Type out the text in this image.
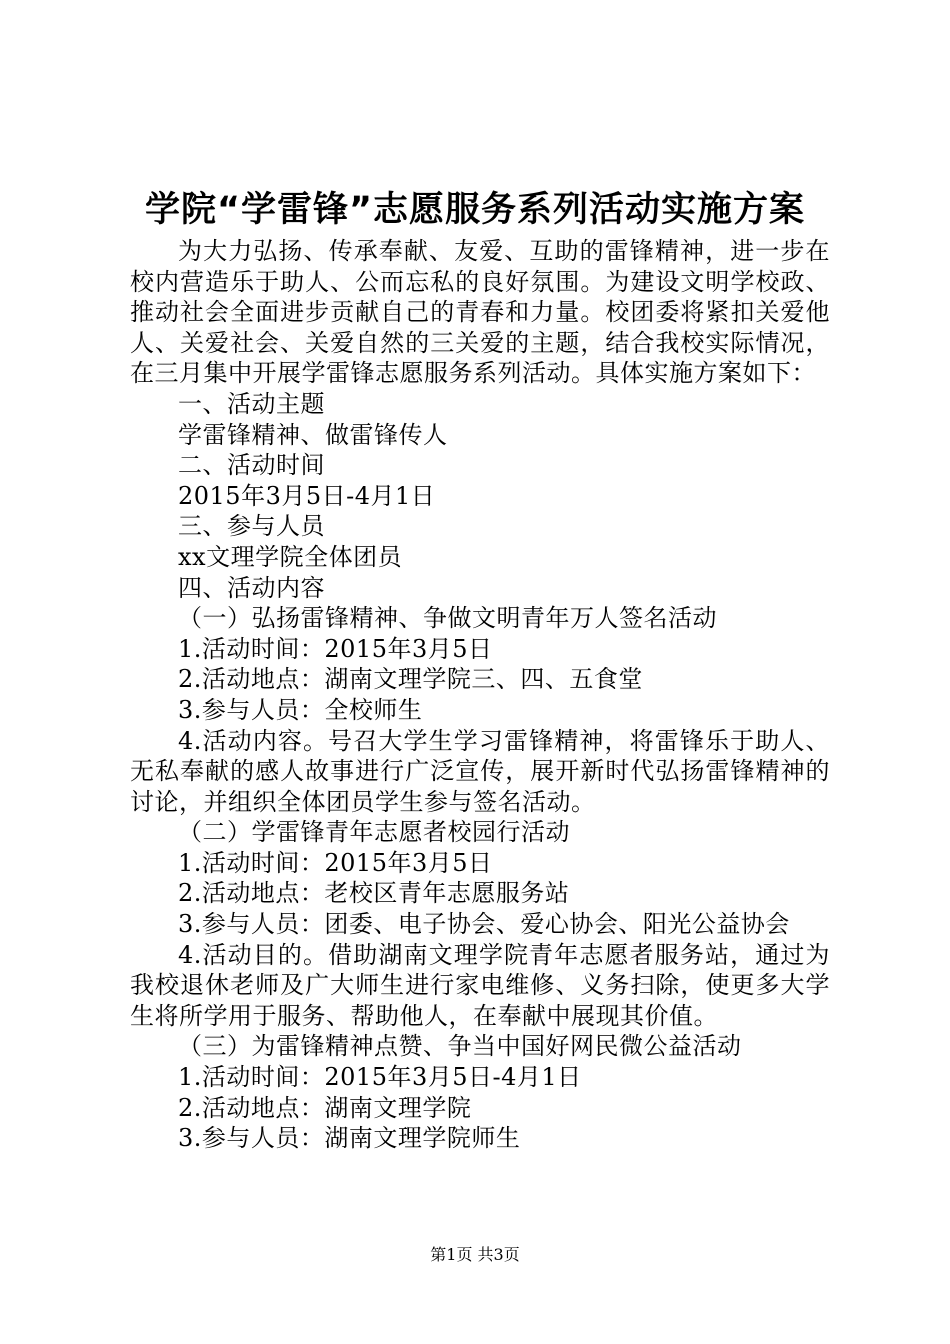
学院“学雷锋”志愿服务系列活动实施方案

为大力弘扬、传承奉献、友爱、互助的雷锋精神，进一步在校内营造乐于助人、公而忘私的良好氛围。为建设文明学校政、推动社会全面进步贡献自己的青春和力量。校团委将紧扣关爱他人、关爱社会、关爱自然的三关爱的主题，结合我校实际情况，在三月集中开展学雷锋志愿服务系列活动。具体实施方案如下：

一、活动主题

学雷锋精神、做雷锋传人

二、活动时间

2015年3月5日-4月1日

三、参与人员

xx文理学院全体团员

四、活动内容

（一）弘扬雷锋精神、争做文明青年万人签名活动

1.活动时间：2015年3月5日

2.活动地点：湖南文理学院三、四、五食堂

3.参与人员：全校师生

4.活动内容。号召大学生学习雷锋精神，将雷锋乐于助人、无私奉献的感人故事进行广泛宣传，展开新时代弘扬雷锋精神的讨论，并组织全体团员学生参与签名活动。

（二）学雷锋青年志愿者校园行活动

1.活动时间：2015年3月5日

2.活动地点：老校区青年志愿服务站

3.参与人员：团委、电子协会、爱心协会、阳光公益协会

4.活动目的。借助湖南文理学院青年志愿者服务站，通过为我校退休老师及广大师生进行家电维修、义务扫除，使更多大学生将所学用于服务、帮助他人，在奉献中展现其价值。

（三）为雷锋精神点赞、争当中国好网民微公益活动

1.活动时间：2015年3月5日-4月1日

2.活动地点：湖南文理学院

3.参与人员：湖南文理学院师生

第1页 共3页
